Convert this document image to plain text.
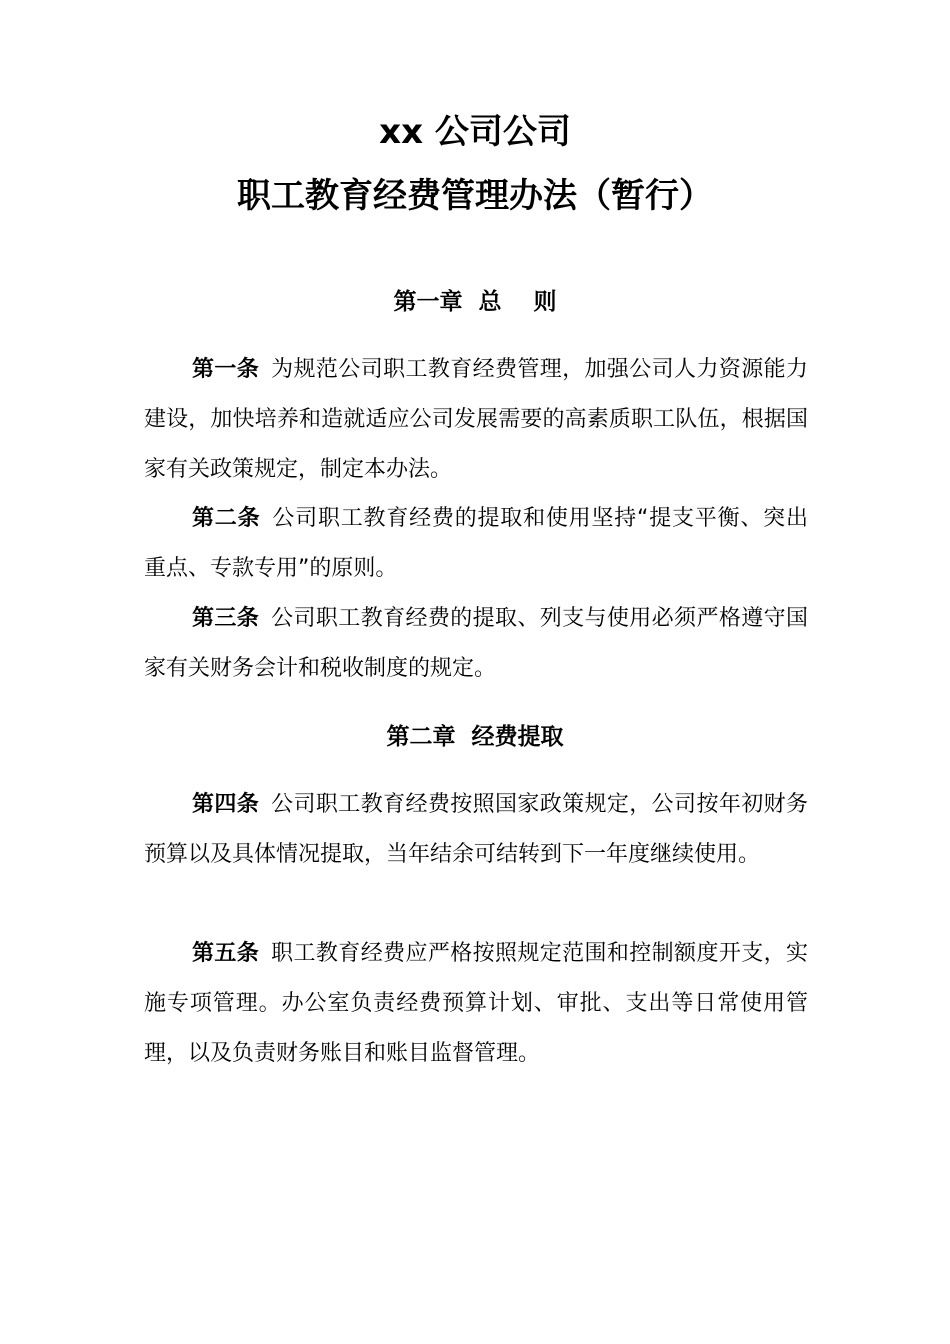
xx 公司公司
职工教育经费管理办法（暂行）
第一章  总    则

第一条 为规范公司职工教育经费管理，加强公司人力资源能力建设，加快培养和造就适应公司发展需要的高素质职工队伍，根据国家有关政策规定，制定本办法。

第二条 公司职工教育经费的提取和使用坚持“提支平衡、突出重点、专款专用”的原则。

第三条 公司职工教育经费的提取、列支与使用必须严格遵守国家有关财务会计和税收制度的规定。

第二章  经费提取

第四条 公司职工教育经费按照国家政策规定，公司按年初财务预算以及具体情况提取，当年结余可结转到下一年度继续使用。

第五条 职工教育经费应严格按照规定范围和控制额度开支，实施专项管理。办公室负责经费预算计划、审批、支出等日常使用管理，以及负责财务账目和账目监督管理。
